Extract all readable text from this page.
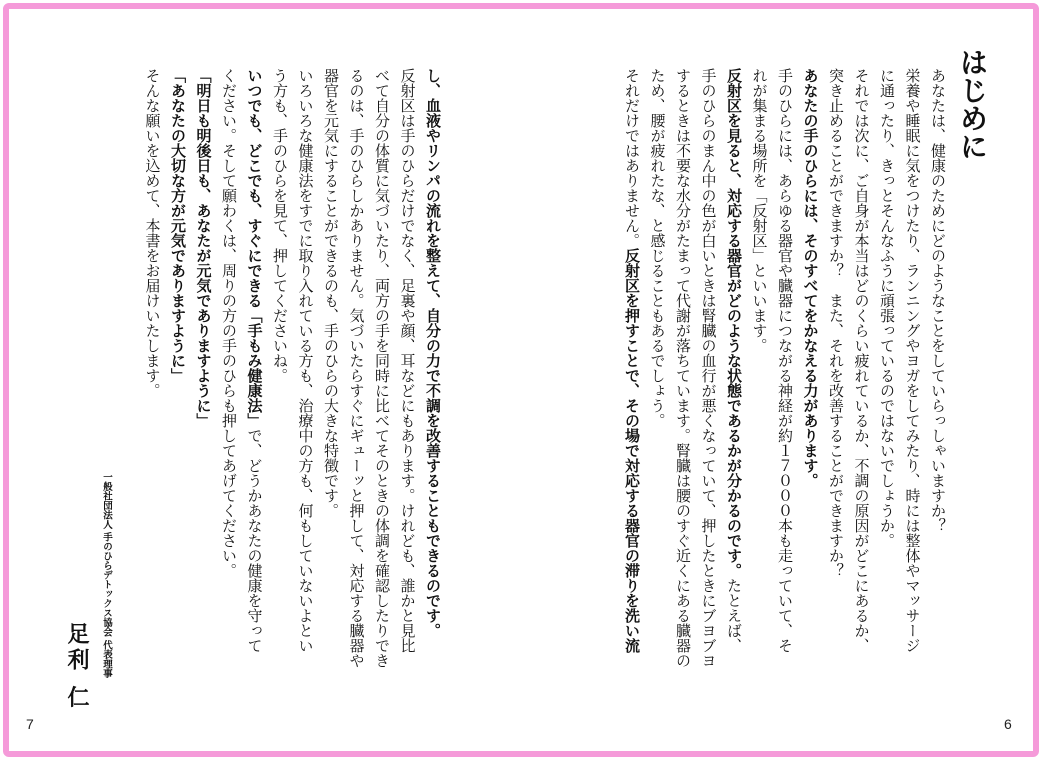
はじめに
あなたは、健康のためにどのようなことをしていらっしゃいますか？
栄養や睡眠に気をつけたり、ランニングやヨガをしてみたり、時には整体やマッサージ
に通ったり、きっとそんなふうに頑張っているのではないでしょうか。
それでは次に、ご自身が本当はどのくらい疲れているか、不調の原因がどこにあるか、
突き止めることができますか？　また、それを改善することができますか？
あなたの手のひらには、そのすべてをかなえる力があります。
手のひらには、あらゆる器官や臓器につながる神経が約１７０００本も走っていて、そ
れが集まる場所を「反射区」といいます。
反射区を見ると、対応する器官がどのような状態であるかが分かるのです。たとえば、
手のひらのまん中の色が白いときは腎臓の血行が悪くなっていて、押したときにブヨブヨ
するときは不要な水分がたまって代謝が落ちています。腎臓は腰のすぐ近くにある臓器の
ため、腰が疲れたな、と感じることもあるでしょう。
それだけではありません。反射区を押すことで、その場で対応する器官の滞りを洗い流
し、血液やリンパの流れを整えて、自分の力で不調を改善することもできるのです。
反射区は手のひらだけでなく、足裏や顔、耳などにもあります。けれども、誰かと見比
べて自分の体質に気づいたり、両方の手を同時に比べてそのときの体調を確認したりでき
るのは、手のひらしかありません。気づいたらすぐにギューッと押して、対応する臓器や
器官を元気にすることができるのも、手のひらの大きな特徴です。
いろいろな健康法をすでに取り入れている方も、治療中の方も、何もしていないよとい
う方も、手のひらを見て、押してくださいね。
いつでも、どこでも、すぐにできる「手もみ健康法」で、どうかあなたの健康を守って
ください。そして願わくは、周りの方の手のひらも押してあげてください。
「明日も明後日も、あなたが元気でありますように」
「あなたの大切な方が元気でありますように」
そんな願いを込めて、本書をお届けいたします。
一般社団法人 手のひらデトックス協会 代表理事
足利 仁
7	6
